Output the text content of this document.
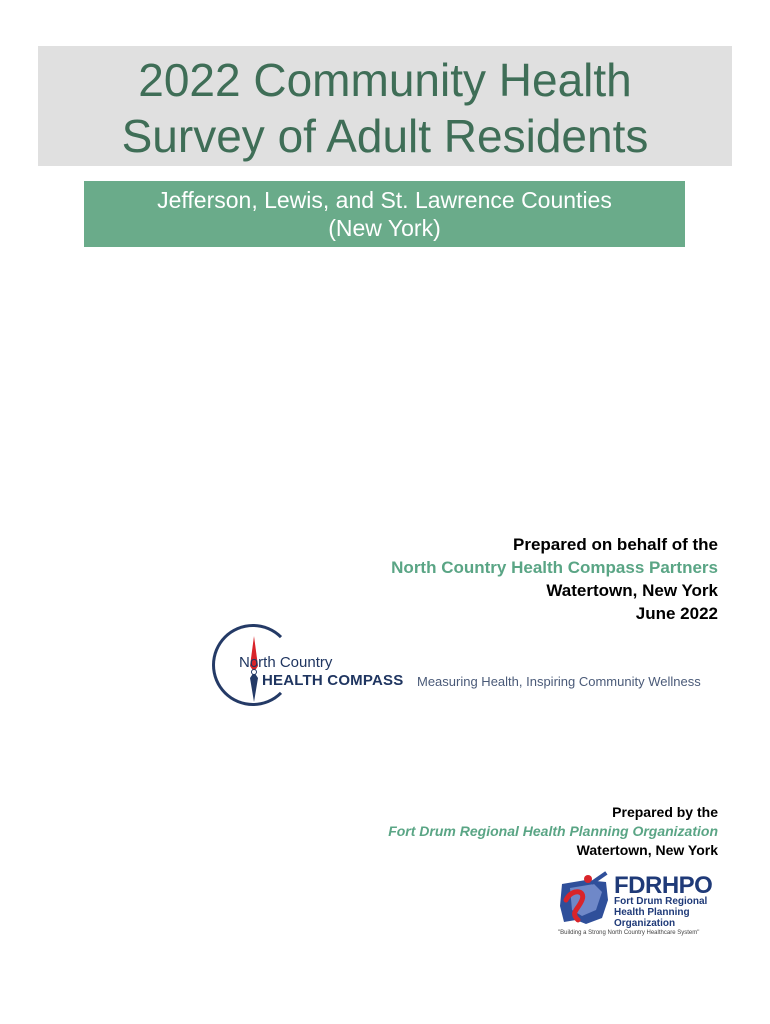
2022 Community Health
Survey of Adult Residents
Jefferson, Lewis, and St. Lawrence Counties
(New York)
Prepared on behalf of the
North Country Health Compass Partners
Watertown, New York
June 2022
North Country
HEALTH COMPASS Measuring Health, Inspiring Community Wellness
Prepared by the
Fort Drum Regional Health Planning Organization
Watertown, New York
FDRHPO
Fort Drum Regional
Health Planning
Organization
"Building a Strong North Country Healthcare System"
